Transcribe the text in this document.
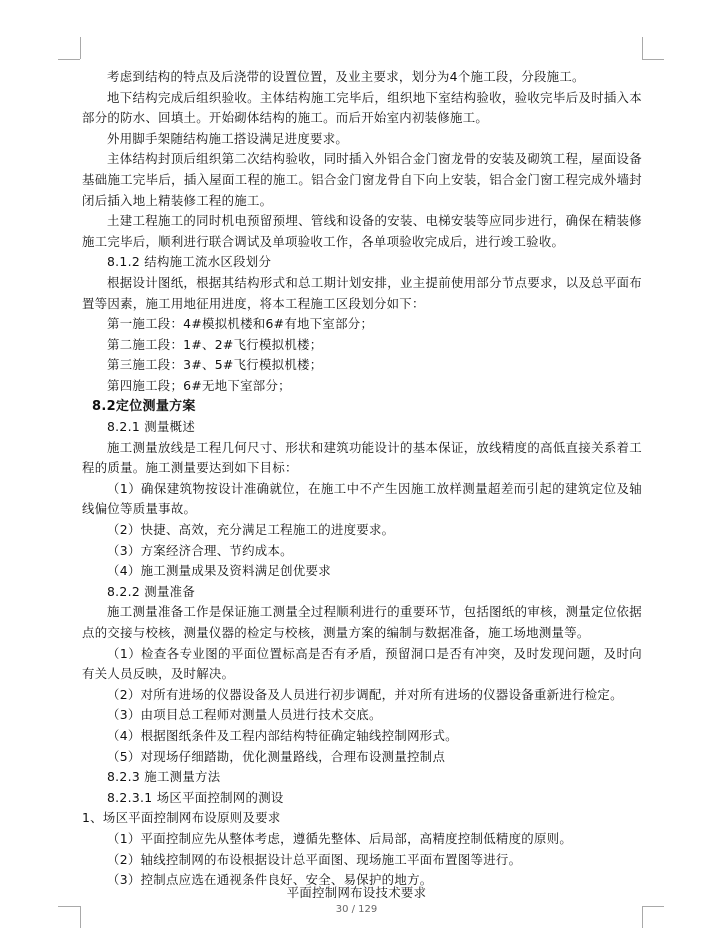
考虑到结构的特点及后浇带的设置位置，及业主要求，划分为4个施工段，分段施工。

地下结构完成后组织验收。主体结构施工完毕后，组织地下室结构验收，验收完毕后及时插入本部分的防水、回填土。开始砌体结构的施工。而后开始室内初装修施工。

外用脚手架随结构施工搭设满足进度要求。

主体结构封顶后组织第二次结构验收，同时插入外铝合金门窗龙骨的安装及砌筑工程，屋面设备基础施工完毕后，插入屋面工程的施工。铝合金门窗龙骨自下向上安装，铝合金门窗工程完成外墙封闭后插入地上精装修工程的施工。

土建工程施工的同时机电预留预埋、管线和设备的安装、电梯安装等应同步进行，确保在精装修施工完毕后，顺利进行联合调试及单项验收工作，各单项验收完成后，进行竣工验收。

8.1.2 结构施工流水区段划分

根据设计图纸，根据其结构形式和总工期计划安排，业主提前使用部分节点要求，以及总平面布置等因素，施工用地征用进度，将本工程施工区段划分如下：

第一施工段：4#模拟机楼和6#有地下室部分；

第二施工段：1#、2#飞行模拟机楼；

第三施工段：3#、5#飞行模拟机楼；

第四施工段；6#无地下室部分；

8.2定位测量方案

8.2.1 测量概述

施工测量放线是工程几何尺寸、形状和建筑功能设计的基本保证，放线精度的高低直接关系着工程的质量。施工测量要达到如下目标：

（1）确保建筑物按设计准确就位，在施工中不产生因施工放样测量超差而引起的建筑定位及轴线偏位等质量事故。

（2）快捷、高效，充分满足工程施工的进度要求。

（3）方案经济合理、节约成本。

（4）施工测量成果及资料满足创优要求

8.2.2 测量准备

施工测量准备工作是保证施工测量全过程顺利进行的重要环节，包括图纸的审核，测量定位依据点的交接与校核，测量仪器的检定与校核，测量方案的编制与数据准备，施工场地测量等。

（1）检查各专业图的平面位置标高是否有矛盾，预留洞口是否有冲突，及时发现问题，及时向有关人员反映，及时解决。

（2）对所有进场的仪器设备及人员进行初步调配，并对所有进场的仪器设备重新进行检定。

（3）由项目总工程师对测量人员进行技术交底。

（4）根据图纸条件及工程内部结构特征确定轴线控制网形式。

（5）对现场仔细踏勘，优化测量路线，合理布设测量控制点

8.2.3 施工测量方法

8.2.3.1 场区平面控制网的测设

1、场区平面控制网布设原则及要求

（1）平面控制应先从整体考虑，遵循先整体、后局部，高精度控制低精度的原则。

（2）轴线控制网的布设根据设计总平面图、现场施工平面布置图等进行。

（3）控制点应选在通视条件良好、安全、易保护的地方。

平面控制网布设技术要求
30 / 129
